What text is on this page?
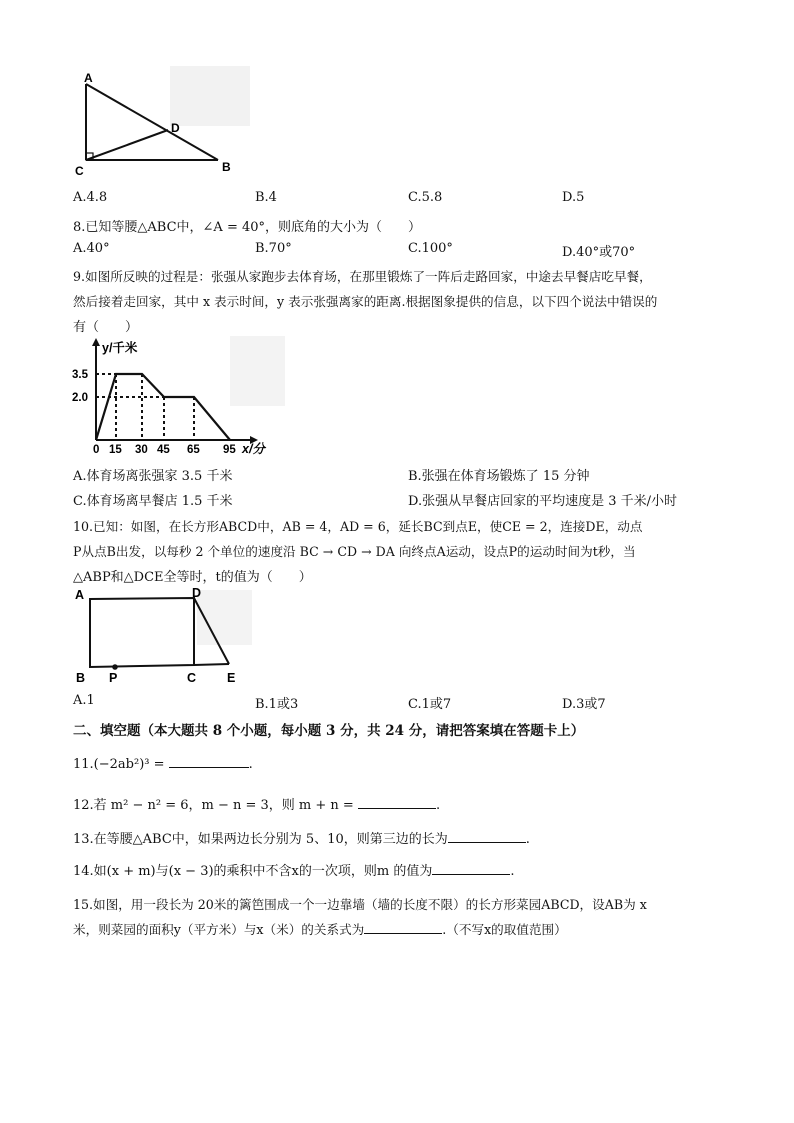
A
D
C	B
A.4.8	B.4	C.5.8	D.5
8.已知等腰△ABC中，∠A = 40°，则底角的大小为（　　）
A.40°	B.70°	C.100°	D.40°或70°
9.如图所反映的过程是：张强从家跑步去体育场，在那里锻炼了一阵后走路回家，中途去早餐店吃早餐，
然后接着走回家，其中 x 表示时间，y 表示张强离家的距离.根据图象提供的信息，以下四个说法中错误的
有（　　）
y/千米
3.5
2.0
0 15 30 45 65 95 x/分
A.体育场离张强家 3.5 千米	B.张强在体育场锻炼了 15 分钟
C.体育场离早餐店 1.5 千米	D.张强从早餐店回家的平均速度是 3 千米/小时
10.已知：如图，在长方形ABCD中，AB = 4，AD = 6，延长BC到点E，使CE = 2，连接DE，动点
P从点B出发，以每秒 2 个单位的速度沿 BC → CD → DA 向终点A运动，设点P的运动时间为t秒，当
△ABP和△DCE全等时，t的值为（　　）
A	D
B P	C E
A.1	B.1或3	C.1或7	D.3或7
二、填空题（本大题共 8 个小题，每小题 3 分，共 24 分，请把答案填在答题卡上）
11.(−2ab²)³ =	.
12.若 m² − n² = 6，m − n = 3，则 m + n =	.
13.在等腰△ABC中，如果两边长分别为 5、10，则第三边的长为	.
14.如(x + m)与(x − 3)的乘积中不含x的一次项，则m 的值为	.
15.如图，用一段长为 20米的篱笆围成一个一边靠墙（墙的长度不限）的长方形菜园ABCD，设AB为 x
米，则菜园的面积y（平方米）与x（米）的关系式为	.（不写x的取值范围）
